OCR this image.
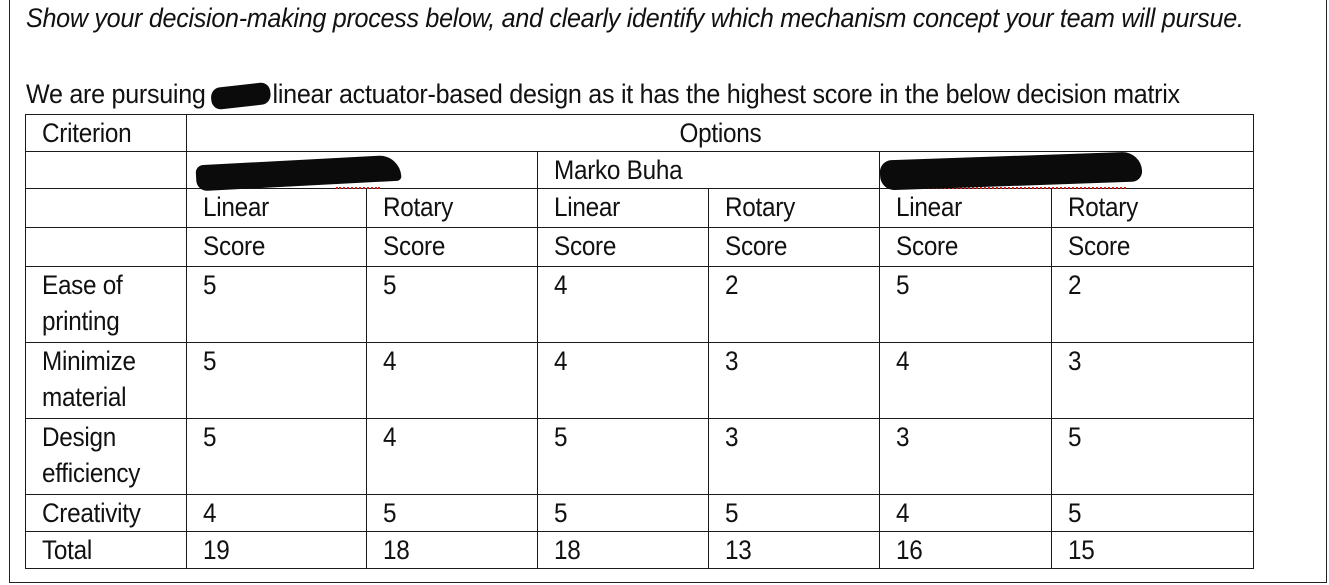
Show your decision-making process below, and clearly identify which mechanism concept your team will pursue.
We are pursuing linear actuator-based design as it has the highest score in the below decision matrix
Criterion	Options					
			Marko Buha			
	Linear	Rotary	Linear	Rotary	Linear	Rotary
	Score	Score	Score	Score	Score	Score
Ease of printing	5	5	4	2	5	2
Minimize material	5	4	4	3	4	3
Design efficiency	5	4	5	3	3	5
Creativity	4	5	5	5	4	5
Total	19	18	18	13	16	15
